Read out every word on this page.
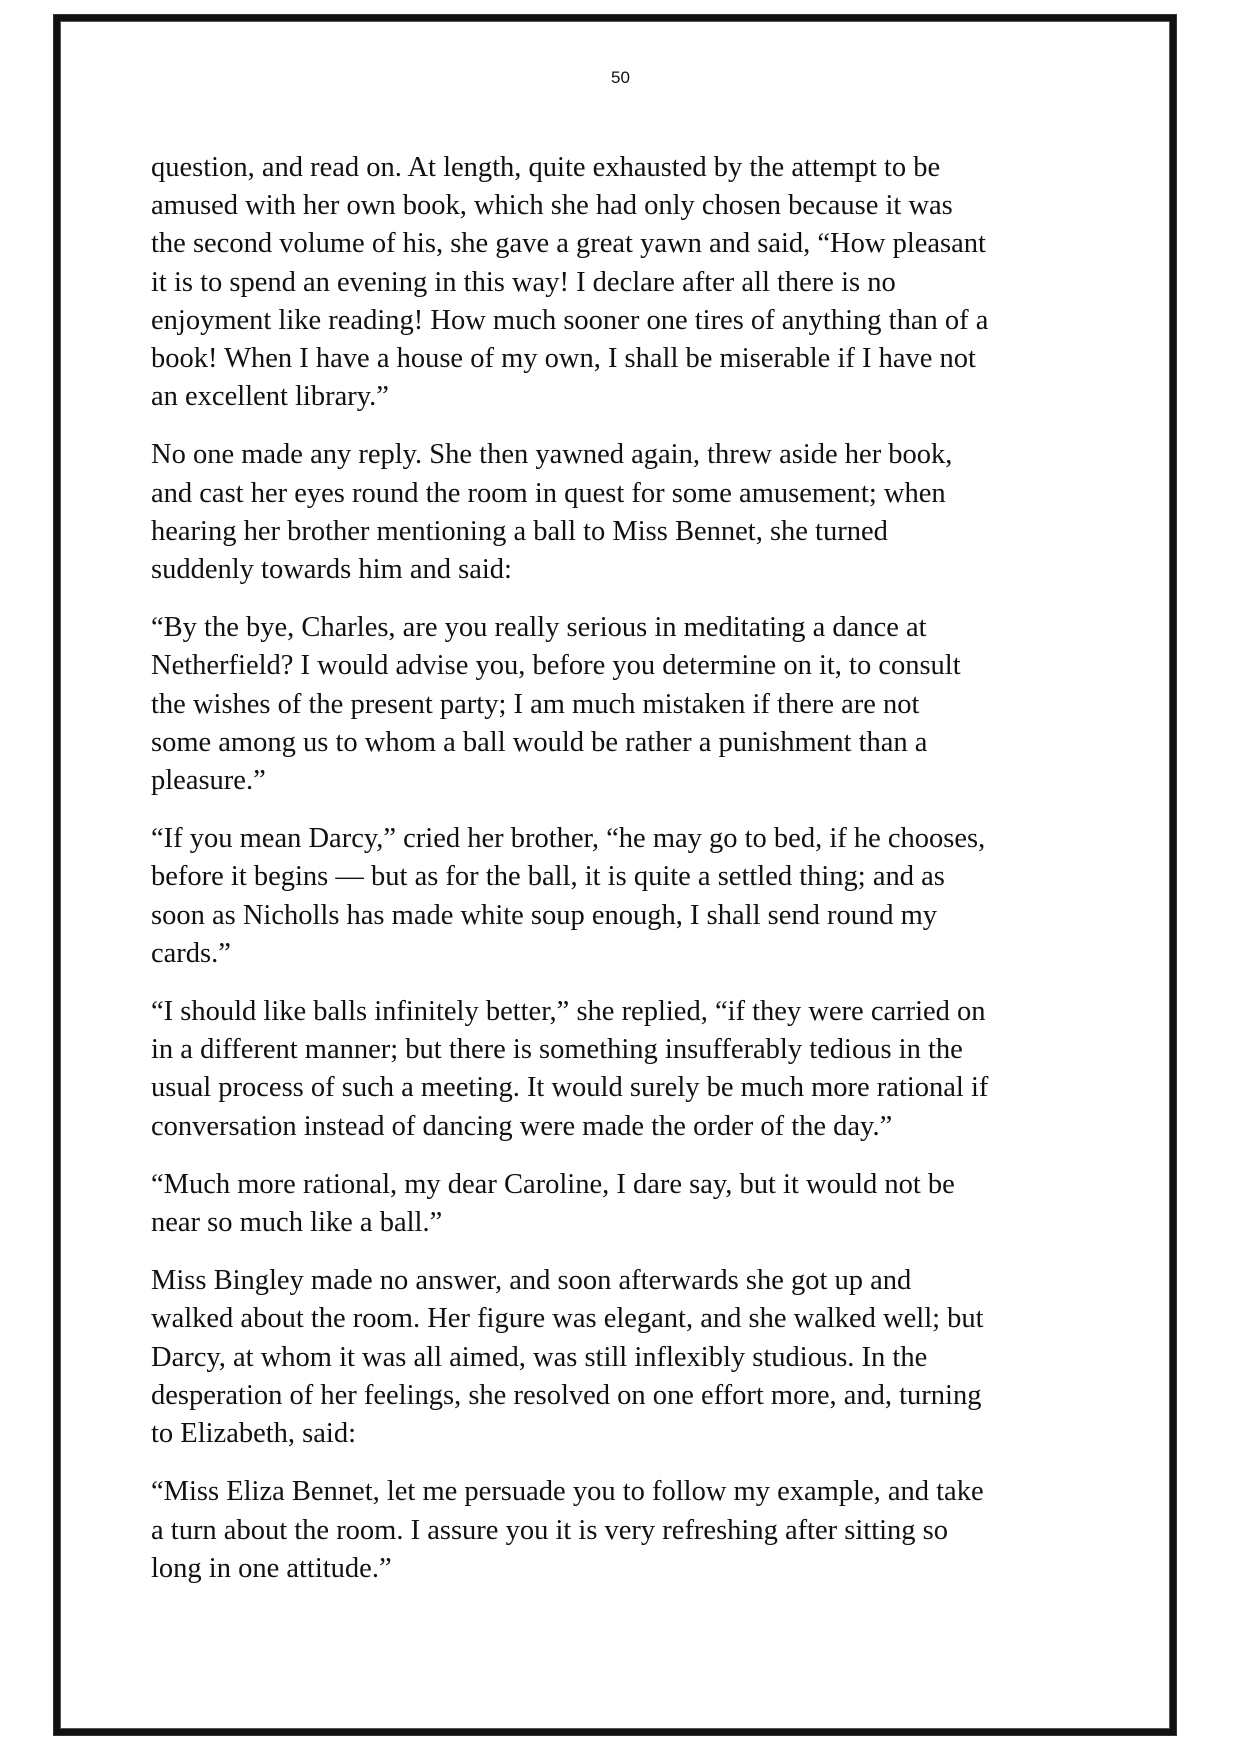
50

question, and read on. At length, quite exhausted by the attempt to be
amused with her own book, which she had only chosen because it was
the second volume of his, she gave a great yawn and said, “How pleasant
it is to spend an evening in this way! I declare after all there is no
enjoyment like reading! How much sooner one tires of anything than of a
book! When I have a house of my own, I shall be miserable if I have not
an excellent library.”

No one made any reply. She then yawned again, threw aside her book,
and cast her eyes round the room in quest for some amusement; when
hearing her brother mentioning a ball to Miss Bennet, she turned
suddenly towards him and said:

“By the bye, Charles, are you really serious in meditating a dance at
Netherfield? I would advise you, before you determine on it, to consult
the wishes of the present party; I am much mistaken if there are not
some among us to whom a ball would be rather a punishment than a
pleasure.”

“If you mean Darcy,” cried her brother, “he may go to bed, if he chooses,
before it begins — but as for the ball, it is quite a settled thing; and as
soon as Nicholls has made white soup enough, I shall send round my
cards.”

“I should like balls infinitely better,” she replied, “if they were carried on
in a different manner; but there is something insufferably tedious in the
usual process of such a meeting. It would surely be much more rational if
conversation instead of dancing were made the order of the day.”

“Much more rational, my dear Caroline, I dare say, but it would not be
near so much like a ball.”

Miss Bingley made no answer, and soon afterwards she got up and
walked about the room. Her figure was elegant, and she walked well; but
Darcy, at whom it was all aimed, was still inflexibly studious. In the
desperation of her feelings, she resolved on one effort more, and, turning
to Elizabeth, said:

“Miss Eliza Bennet, let me persuade you to follow my example, and take
a turn about the room. I assure you it is very refreshing after sitting so
long in one attitude.”
